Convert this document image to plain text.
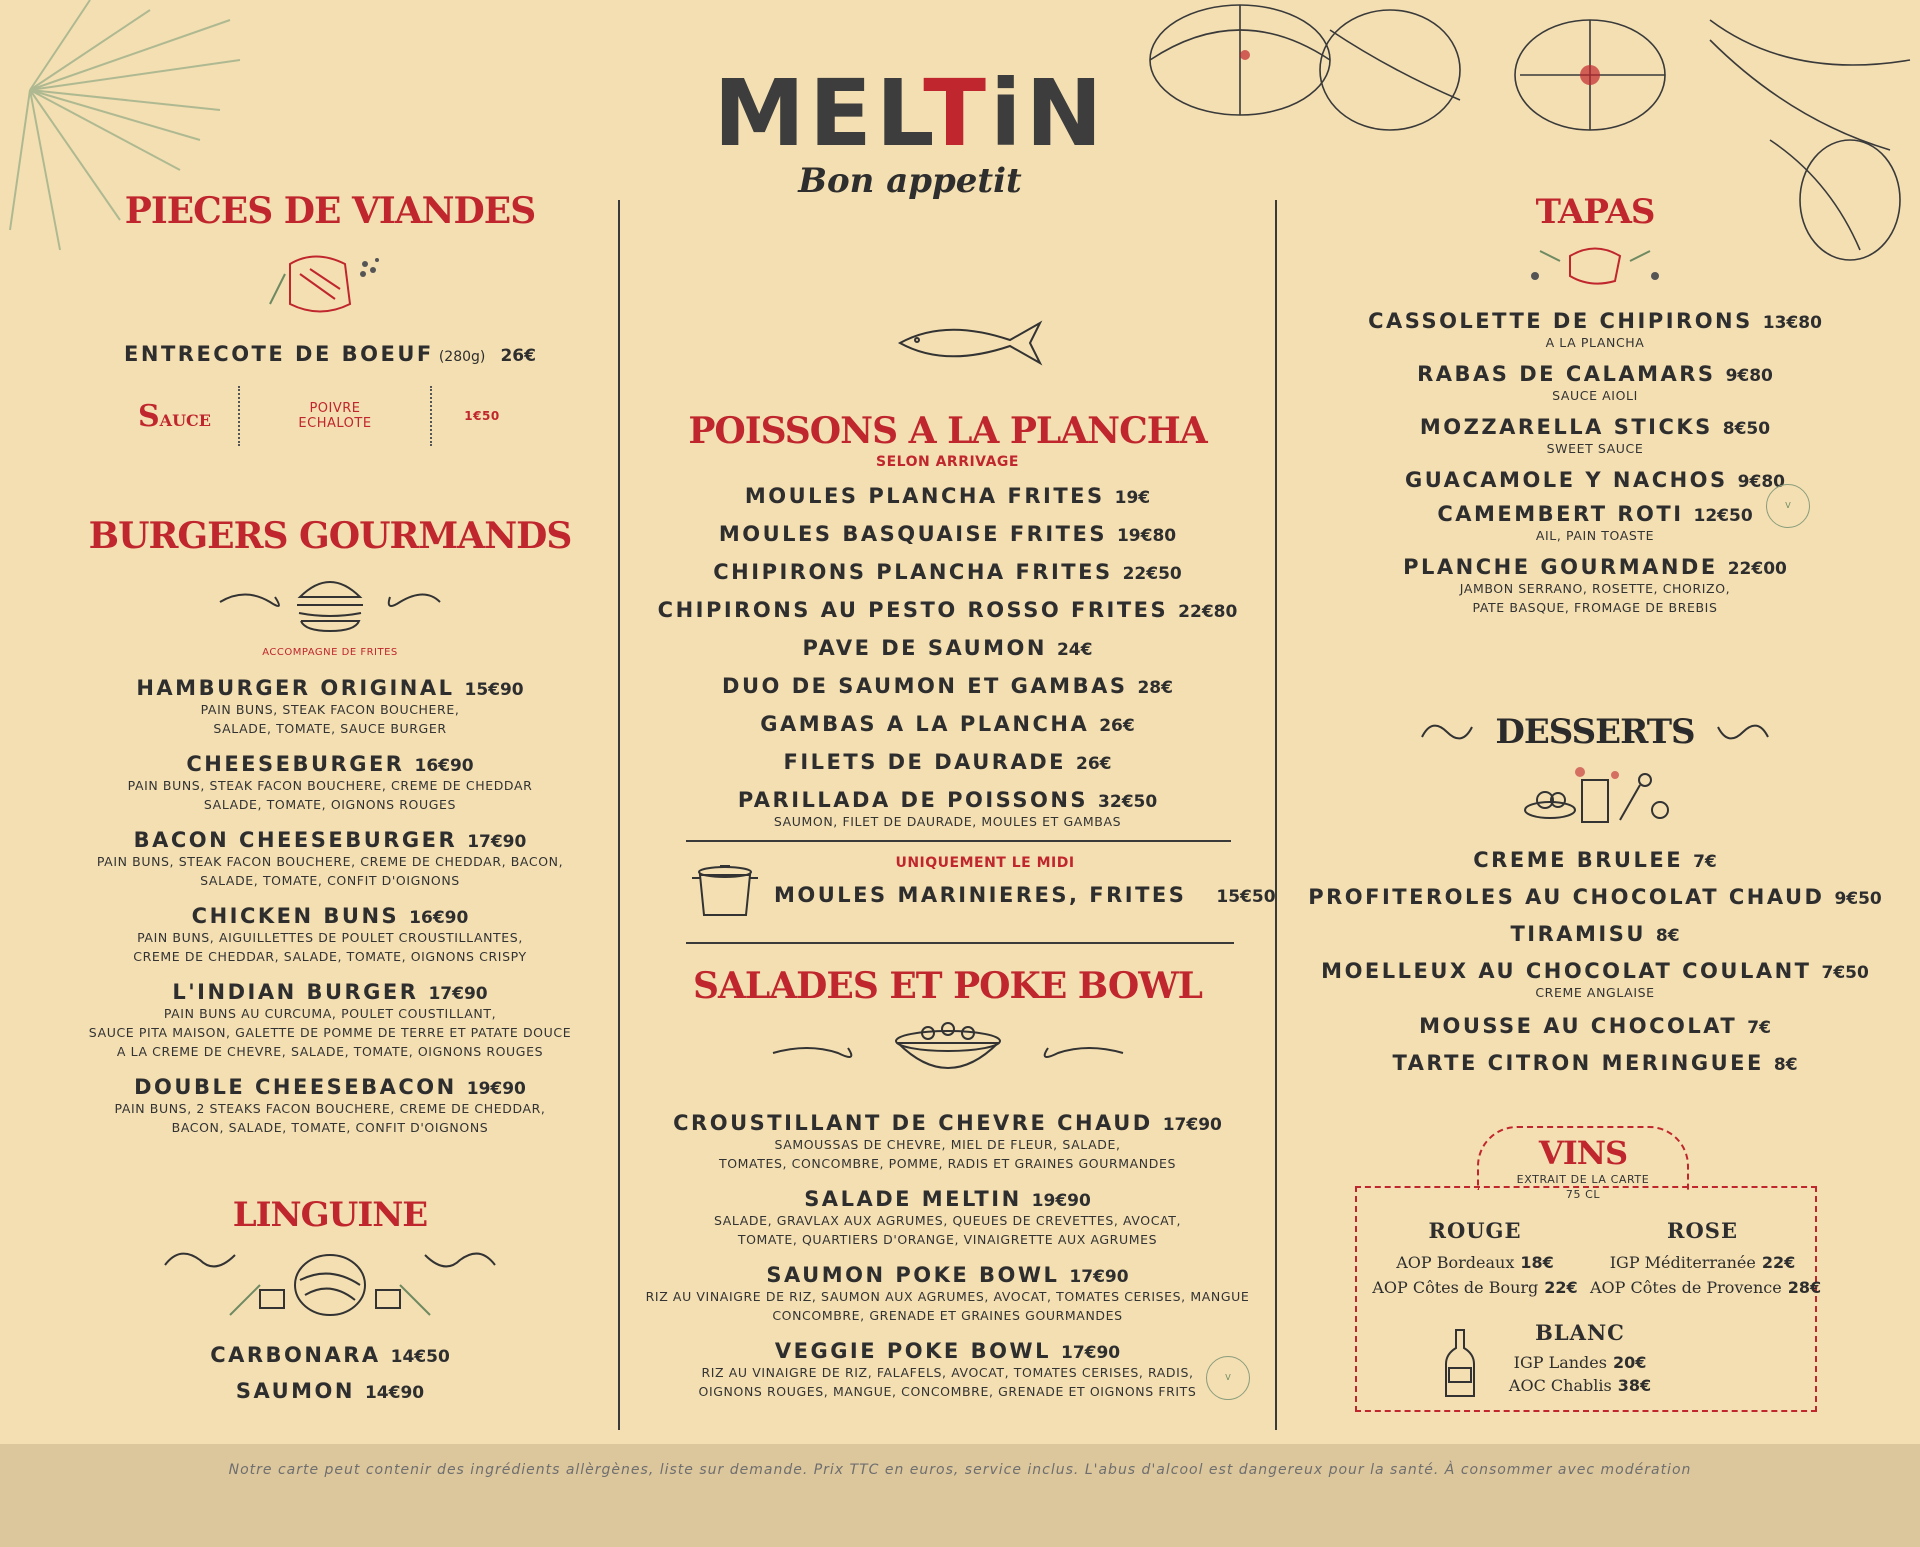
MELTiN
Bon appetit
PIECES DE VIANDES
ENTRECOTE DE BOEUF (280g) 26€
SAUCE
POIVRE
ECHALOTE	1€50
BURGERS GOURMANDS
ACCOMPAGNE DE FRITES
HAMBURGER ORIGINAL 15€90
PAIN BUNS, STEAK FACON BOUCHERE,
SALADE, TOMATE, SAUCE BURGER
CHEESEBURGER 16€90
PAIN BUNS, STEAK FACON BOUCHERE, CREME DE CHEDDAR
SALADE, TOMATE, OIGNONS ROUGES
BACON CHEESEBURGER 17€90
PAIN BUNS, STEAK FACON BOUCHERE, CREME DE CHEDDAR, BACON,
SALADE, TOMATE, CONFIT D'OIGNONS
CHICKEN BUNS 16€90
PAIN BUNS, AIGUILLETTES DE POULET CROUSTILLANTES,
CREME DE CHEDDAR, SALADE, TOMATE, OIGNONS CRISPY
L'INDIAN BURGER 17€90
PAIN BUNS AU CURCUMA, POULET COUSTILLANT,
SAUCE PITA MAISON, GALETTE DE POMME DE TERRE ET PATATE DOUCE
A LA CREME DE CHEVRE, SALADE, TOMATE, OIGNONS ROUGES
DOUBLE CHEESEBACON 19€90
PAIN BUNS, 2 STEAKS FACON BOUCHERE, CREME DE CHEDDAR,
BACON, SALADE, TOMATE, CONFIT D'OIGNONS
LINGUINE
CARBONARA 14€50
SAUMON 14€90
POISSONS A LA PLANCHA
SELON ARRIVAGE
MOULES PLANCHA FRITES 19€
MOULES BASQUAISE FRITES 19€80
CHIPIRONS PLANCHA FRITES 22€50
CHIPIRONS AU PESTO ROSSO FRITES 22€80
PAVE DE SAUMON 24€
DUO DE SAUMON ET GAMBAS 28€
GAMBAS A LA PLANCHA 26€
FILETS DE DAURADE 26€
PARILLADA DE POISSONS 32€50
SAUMON, FILET DE DAURADE, MOULES ET GAMBAS
UNIQUEMENT LE MIDI
MOULES MARINIERES, FRITES 15€50
SALADES ET POKE BOWL
CROUSTILLANT DE CHEVRE CHAUD 17€90
SAMOUSSAS DE CHEVRE, MIEL DE FLEUR, SALADE,
TOMATES, CONCOMBRE, POMME, RADIS ET GRAINES GOURMANDES
SALADE MELTIN 19€90
SALADE, GRAVLAX AUX AGRUMES, QUEUES DE CREVETTES, AVOCAT,
TOMATE, QUARTIERS D'ORANGE, VINAIGRETTE AUX AGRUMES
SAUMON POKE BOWL 17€90
RIZ AU VINAIGRE DE RIZ, SAUMON AUX AGRUMES, AVOCAT, TOMATES CERISES, MANGUE
CONCOMBRE, GRENADE ET GRAINES GOURMANDES
VEGGIE POKE BOWL 17€90
RIZ AU VINAIGRE DE RIZ, FALAFELS, AVOCAT, TOMATES CERISES, RADIS,
OIGNONS ROUGES, MANGUE, CONCOMBRE, GRENADE ET OIGNONS FRITS
V
TAPAS
CASSOLETTE DE CHIPIRONS 13€80
A LA PLANCHA
RABAS DE CALAMARS 9€80
SAUCE AIOLI
MOZZARELLA STICKS 8€50
SWEET SAUCE
GUACAMOLE Y NACHOS 9€80
CAMEMBERT ROTI 12€50
AIL, PAIN TOASTE
PLANCHE GOURMANDE 22€00
JAMBON SERRANO, ROSETTE, CHORIZO,
PATE BASQUE, FROMAGE DE BREBIS
V
DESSERTS
CREME BRULEE 7€
PROFITEROLES AU CHOCOLAT CHAUD 9€50
TIRAMISU 8€
MOELLEUX AU CHOCOLAT COULANT 7€50
CREME ANGLAISE
MOUSSE AU CHOCOLAT 7€
TARTE CITRON MERINGUEE 8€
VINS
EXTRAIT DE LA CARTE
75 CL
ROUGE
AOP Bordeaux 18€
AOP Côtes de Bourg 22€
ROSE
IGP Méditerranée 22€
AOP Côtes de Provence 28€
BLANC
IGP Landes 20€
AOC Chablis 38€
Notre carte peut contenir des ingrédients allèrgènes, liste sur demande. Prix TTC en euros, service inclus. L'abus d'alcool est dangereux pour la santé. À consommer avec modération
